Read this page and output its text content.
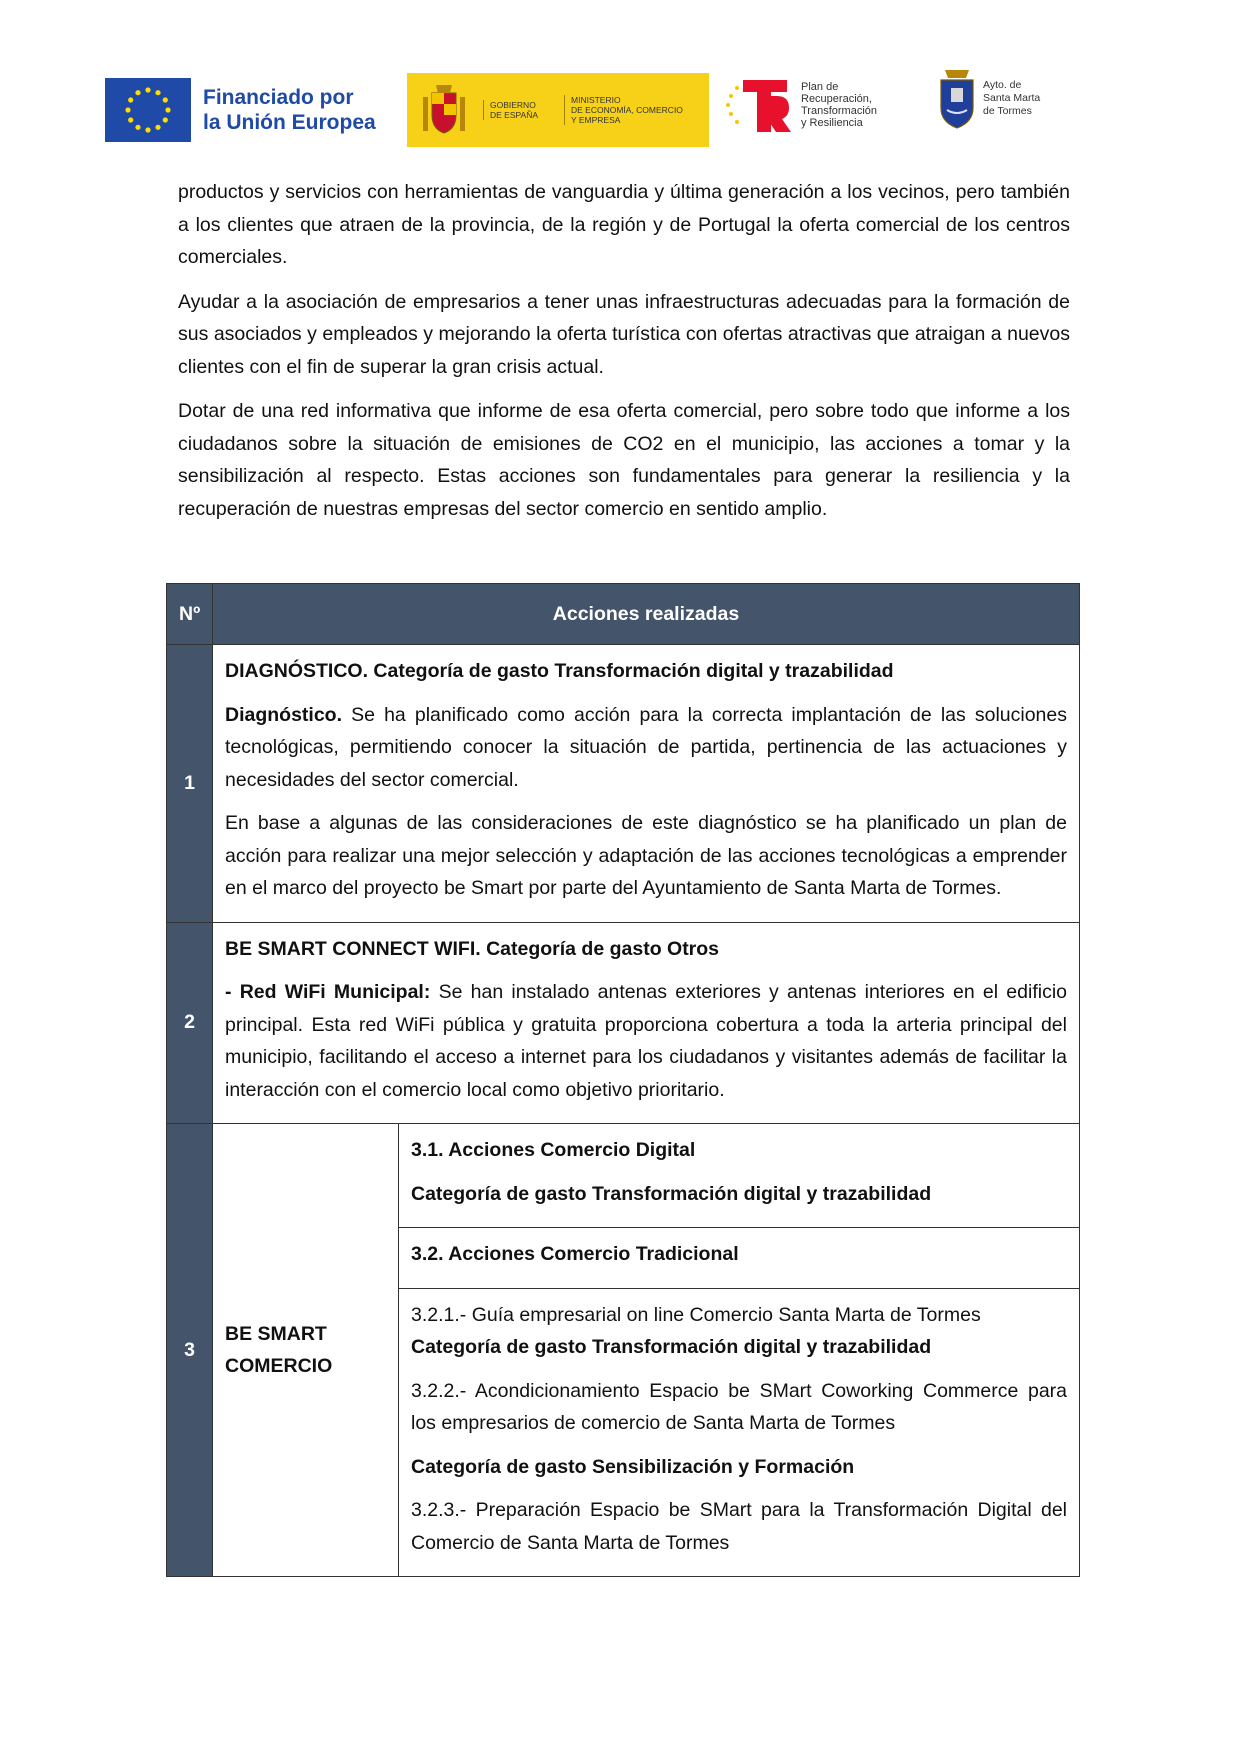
Financiado por
la Unión Europea
GOBIERNO
DE ESPAÑA
MINISTERIO
DE ECONOMÍA, COMERCIO
Y EMPRESA
Plan de
Recuperación,
Transformación
y Resiliencia
Ayto. de
Santa Marta
de Tormes

productos y servicios con herramientas de vanguardia y última generación a los vecinos, pero también a los clientes que atraen de la provincia, de la región y de Portugal la oferta comercial de los centros comerciales.

Ayudar a la asociación de empresarios a tener unas infraestructuras adecuadas para la formación de sus asociados y empleados y mejorando la oferta turística con ofertas atractivas que atraigan a nuevos clientes con el fin de superar la gran crisis actual.

Dotar de una red informativa que informe de esa oferta comercial, pero sobre todo que informe a los ciudadanos sobre la situación de emisiones de CO2 en el municipio, las acciones a tomar y la sensibilización al respecto. Estas acciones son fundamentales para generar la resiliencia y la recuperación de nuestras empresas del sector comercio en sentido amplio.

Nº	Acciones realizadas	
1	DIAGNÓSTICO. Categoría de gasto Transformación digital y trazabilidad

Diagnóstico. Se ha planificado como acción para la correcta implantación de las soluciones tecnológicas, permitiendo conocer la situación de partida, pertinencia de las actuaciones y necesidades del sector comercial.

En base a algunas de las consideraciones de este diagnóstico se ha planificado un plan de acción para realizar una mejor selección y adaptación de las acciones tecnológicas a emprender en el marco del proyecto be Smart por parte del Ayuntamiento de Santa Marta de Tormes.	

2	BE SMART CONNECT WIFI. Categoría de gasto Otros

- Red WiFi Municipal: Se han instalado antenas exteriores y antenas interiores en el edificio principal. Esta red WiFi pública y gratuita proporciona cobertura a toda la arteria principal del municipio, facilitando el acceso a internet para los ciudadanos y visitantes además de facilitar la interacción con el comercio local como objetivo prioritario.	

3	BE SMART COMERCIO	3.1. Acciones Comercio Digital

Categoría de gasto Transformación digital y trazabilidad

		3.2. Acciones Comercio Tradicional

		3.2.1.- Guía empresarial on line Comercio Santa Marta de Tormes
Categoría de gasto Transformación digital y trazabilidad

3.2.2.- Acondicionamiento Espacio be SMart Coworking Commerce para los empresarios de comercio de Santa Marta de Tormes

Categoría de gasto Sensibilización y Formación

3.2.3.- Preparación Espacio be SMart para la Transformación Digital del Comercio de Santa Marta de Tormes
